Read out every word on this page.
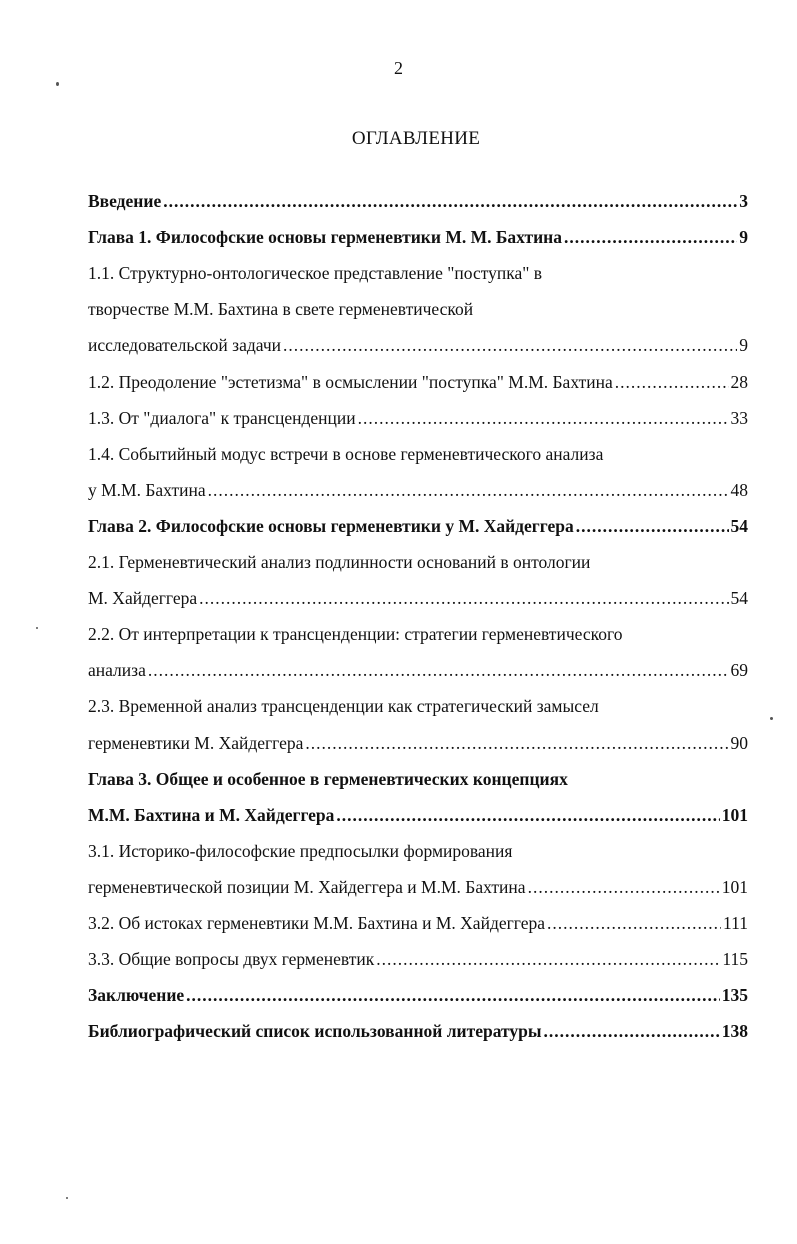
2
ОГЛАВЛЕНИЕ
Введение .....	3
Глава 1. Философские основы герменевтики М. М. Бахтина .....	9
1.1. Структурно-онтологическое представление "поступка" в
творчестве М.М. Бахтина в свете герменевтической
исследовательской задачи .....	9
1.2. Преодоление "эстетизма" в осмыслении "поступка" М.М. Бахтина .....	28
1.3. От "диалога" к трансценденции .....	33
1.4. Событийный модус встречи в основе герменевтического анализа
у М.М. Бахтина .....	48
Глава 2. Философские основы герменевтики у М. Хайдеггера .....	54
2.1. Герменевтический анализ подлинности оснований в онтологии
М. Хайдеггера .....	54
2.2. От интерпретации к трансценденции: стратегии герменевтического
анализа .....	69
2.3. Временной анализ трансценденции как стратегический замысел
герменевтики М. Хайдеггера .....	90
Глава 3. Общее и особенное в герменевтических концепциях
М.М. Бахтина и М. Хайдеггера .....	101
3.1. Историко-философские предпосылки формирования
герменевтической позиции М. Хайдеггера и М.М. Бахтина .....	101
3.2. Об истоках герменевтики М.М. Бахтина и М. Хайдеггера .....	111
3.3. Общие вопросы двух герменевтик .....	115
Заключение .....	135
Библиографический список использованной литературы .....	138
